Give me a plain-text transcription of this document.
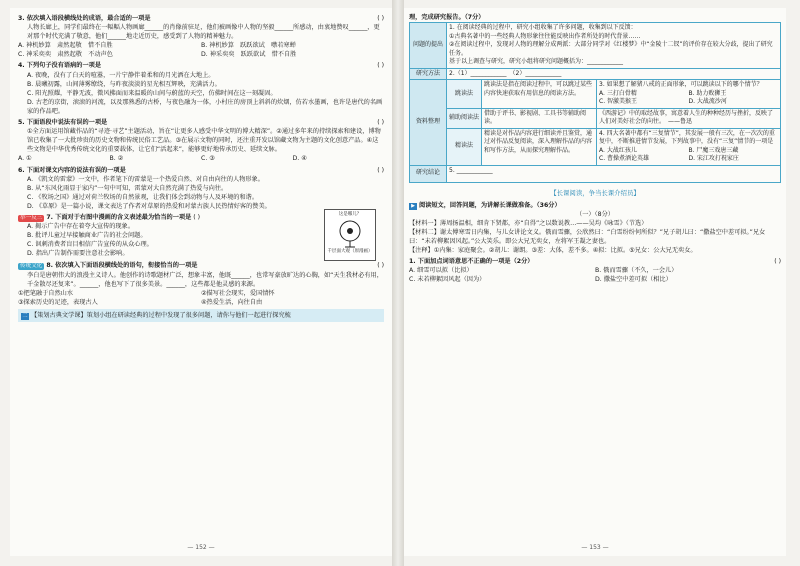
3. 依次填入语段横线处的成语，最合适的一项是	( )

人物长廊上，同学们最终在一幅幅人物画廊______的肖像前驻足，他们被画像中人物的坚毅______所感动，由衷地赞叹______，更对那个时代充满了敬意，他们______地走近历史，感受到了人物的精神魅力。

A. 神机妙算　肃然起敬　惜不自胜	B. 神机妙算　跃跃欲试　噤若寒蝉
C. 神采奕奕　肃然起敬　不动声色	D. 神采奕奕　跃跃欲试　惜不自胜

4. 下列句子没有语病的一项是	( )

A. 夜晚，没有了白天的喧嚣，一片宁静伴着柔和的月光洒在大地上。

B. 晨曦初露，山间薄雾缭绕，与昨夜淡淡的星光相互辉映，充满活力。

C. 阳光照耀，平静无波，微风拂面而来温暖的山间与蔚蓝的天空，仿佛时间在这一刻凝固。

D. 古老的京街，滚滚的河流，以及那熟悉的古桥，与夜色融为一体，小村庄的房顶上斜斜的炊烟，仿若水墨画，也许是唐代的名画家的作品吧。

5. 下面语段中说法有误的一项是	( )

①全方面运用馆藏作品的“寻迹·寻艺”主题活动，旨在“让更多人感受中华文明的博大精深”。②通过多年来的持续探索和建设，博物馆已收集了一大批珍贵的历史文物和传统民俗工艺品。③在展示文物的同时，还注重开发以馆藏文物为主题的文化创意产品。④这些文物是中华优秀传统文化的重要载体，让它们“活起来”，能够更好地传承历史、延续文脉。

A. ①	B. ②	C. ③	D. ④

6. 下面对课文内容的说法有误的一项是	( )

A. 《凯文的雷蒙》一文中，作者笔下的雷蒙是一个热爱自然、对自由向往的人物形象。

B. 从“东风化雨显于家内”一句中可知，雷蒙对大自然充满了热爱与向往。

C. 《牧场之国》通过对荷兰牧场的自然景观，让我们体会到动物与人及环境的和谐。

D. 《草原》是一篇小说，课文表达了作者对草原的热爱和对蒙古族人民热情好客的赞美。

举一反三 7. 下面对于右图中漫画的含义表述最为恰当的一项是 ( )

A. 揭示广告中存在着夸大宣传的现象。

B. 批评儿童过早接触商业广告的社会问题。

C. 讽刺消费者盲目相信广告宣传的从众心理。

D. 指出广告制作需要注意社会影响。

这是哪儿？
千层面大观（原漫画）

传统文化 8. 依次填入下面语段横线处的语句，衔接恰当的一项是	( )

李白是唐朝伟大的浪漫主义诗人。他创作的诗歌题材广泛，想象丰富，他既______，也常写豪放旷达的心胸，如“天生我材必有用，千金散尽还复来”。______，他也写下了很多美景。______，这些都是他灵感的来源。

①把笔融于自然山水	②描写社会现实，爱国情怀
③探索历史的足迹，表现古人	④热爱生活，向往自由
二 【策划古典文学课】策划小组在研读经典的过程中发现了很多问题，请你与他们一起进行探究梳
— 152 —

理，完成研究报告。（7分）

问题的提出	1. 在阅读经典的过程中，研究小组收集了许多问题，收集到以下反馈：
①古典名著中的一些经典人物形象往往能反映出作者所处的时代背景……
②在阅读过程中，发现对人物的理解分成两派：大部分同学对《红楼梦》中“金陵十二钗”的评价存在较大分歧，提出了研究任务。
基于以上调查与研究，研究小组将研究问题概括为：____________		

研究方法	2.（1）____________　（2）____________		
资料整理	跳读法	跳读法是指在阅读过程中，可以跳过某些内容快速获取有用信息的阅读方法。	3. 如果想了解猪八戒的正面形象，可以跳读以下的哪个情节？
A. 三打白骨精 B. 助力败狮王
C. 智激美猴王 D. 大战流沙河

	辅助阅读法	借助于评书、影视剧、工具书等辅助阅读。	《西游记》中的取经故事，寓意着人生的种种经历与挫折，反映了人们对美好社会的向往。　——鲁迅
	精读法	精读是对作品内容进行细读并且鉴赏，通过对作品反复阅读，深入理解作品的内容和写作方法，从而探究理解作品。	4. 四大名著中都有“三复情节”，其发展一般有三次，在一次次的重复中，不断推进情节发展，下列故事中，没有“三复”情节的一项是
A. 大战红孩儿 B. 尸魔三戏唐三藏
C. 曹操煮酒论英雄 D. 宋江攻打祝家庄

研究结论	5. ____________		
【长课阅读，争当长课介绍员】

▶ 阅读短文，回答问题，为讲解长课做准备。（36分）

（一）（8分）

【材料一】薄周扬温相，细肯下贤都，亦“自得”之以数说教…——吴均《咏雪》（节选）

【材料二】谢太傅寒雪日内集，与儿女讲论文义。俄而雪骤，公欣然曰：“白雪纷纷何所似？”兄子胡儿曰：“撒盐空中差可拟。”兄女曰：“未若柳絮因风起。”公大笑乐。即公大兄无奕女，左将军王凝之妻也。

【注释】①内集：家庭聚会。②胡儿：谢朗。③差：大体，差不多。④拟：比拟。⑤兄女：公大兄无奕女。

1. 下面加点词语意思不正确的一项是（2分）	( )

A. 细雪可以拟（比拟）	B. 俄而雪骤（不久，一会儿）
C. 未若柳絮因风起（因为）	D. 撒盐空中差可拟（相比）
— 153 —
